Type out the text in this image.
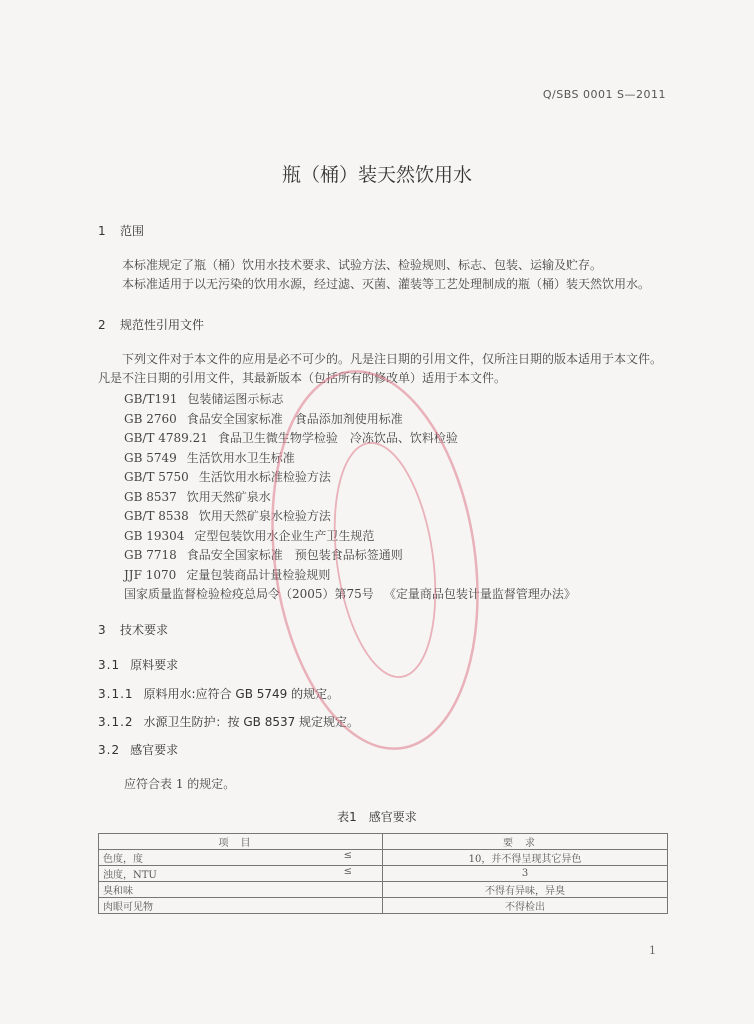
Q/SBS 0001 S—2011
瓶（桶）装天然饮用水
1 范围
本标准规定了瓶（桶）饮用水技术要求、试验方法、检验规则、标志、包装、运输及贮存。
本标准适用于以无污染的饮用水源，经过滤、灭菌、灌装等工艺处理制成的瓶（桶）装天然饮用水。
2 规范性引用文件
下列文件对于本文件的应用是必不可少的。凡是注日期的引用文件，仅所注日期的版本适用于本文件。凡是不注日期的引用文件，其最新版本（包括所有的修改单）适用于本文件。
GB/T191 包装储运图示标志
GB 2760 食品安全国家标准　食品添加剂使用标准
GB/T 4789.21 食品卫生微生物学检验　冷冻饮品、饮料检验
GB 5749 生活饮用水卫生标准
GB/T 5750 生活饮用水标准检验方法
GB 8537 饮用天然矿泉水
GB/T 8538 饮用天然矿泉水检验方法
GB 19304 定型包装饮用水企业生产卫生规范
GB 7718 食品安全国家标准　预包装食品标签通则
JJF 1070 定量包装商品计量检验规则
国家质量监督检验检疫总局令（2005）第75号 《定量商品包装计量监督管理办法》
3 技术要求
3.1 原料要求
3.1.1 原料用水:应符合 GB 5749 的规定。
3.1.2 水源卫生防护：按 GB 8537 规定规定。
3.2 感官要求
应符合表 1 的规定。
表1　感官要求
项目	要求

色度，度 ≤	10，并不得呈现其它异色

浊度，NTU ≤	3

臭和味	不得有异味，异臭

肉眼可见物	不得检出
1
